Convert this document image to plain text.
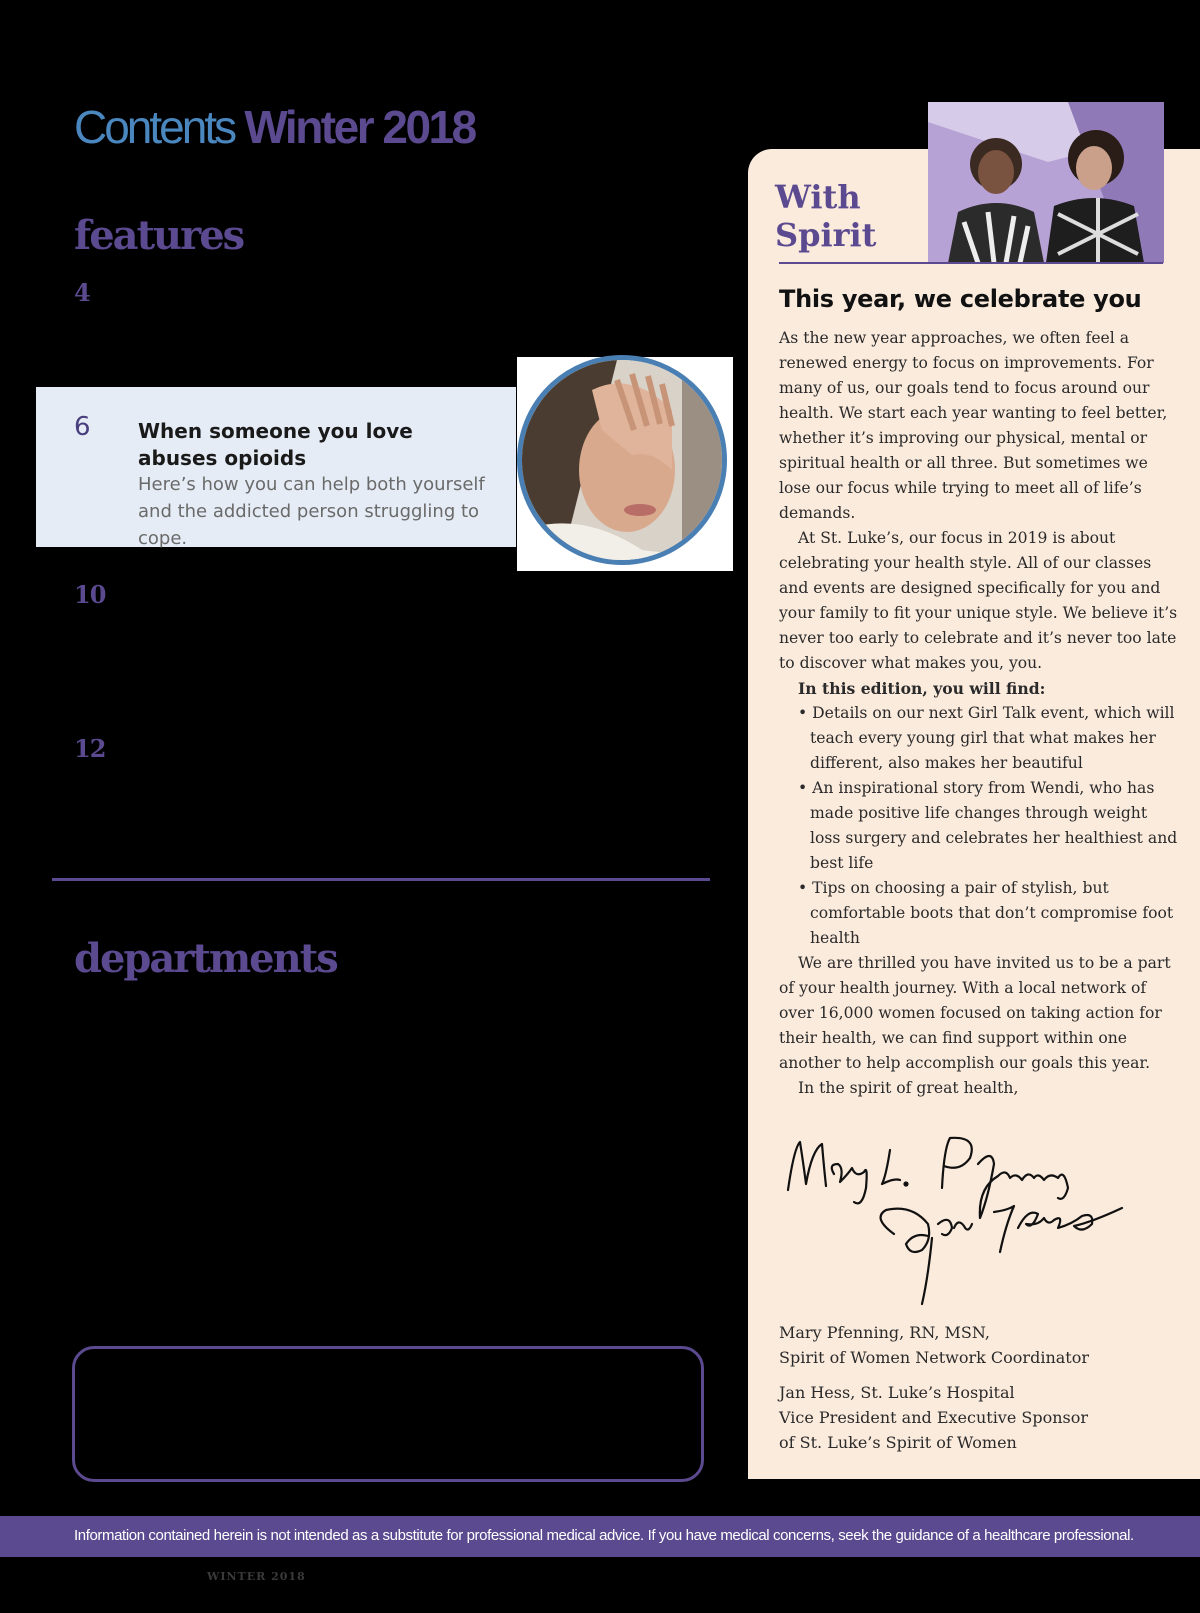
Contents Winter 2018
features
4
6 When someone you love abuses opioids
Here’s how you can help both yourself and the addicted person struggling to cope.
10
12
departments
With Spirit
This year, we celebrate you

As the new year approaches, we often feel a renewed energy to focus on improvements. For many of us, our goals tend to focus around our health. We start each year wanting to feel better, whether it’s improving our physical, mental or spiritual health or all three. But sometimes we lose our focus while trying to meet all of life’s demands.

At St. Luke’s, our focus in 2019 is about celebrating your health style. All of our classes and events are designed specifically for you and your family to fit your unique style. We believe it’s never too early to celebrate and it’s never too late to discover what makes you, you.

In this edition, you will find:

• Details on our next Girl Talk event, which will teach every young girl that what makes her different, also makes her beautiful
• An inspirational story from Wendi, who has made positive life changes through weight loss surgery and celebrates her healthiest and best life
• Tips on choosing a pair of stylish, but comfortable boots that don’t compromise foot health

We are thrilled you have invited us to be a part of your health journey. With a local network of over 16,000 women focused on taking action for their health, we can find support within one another to help accomplish our goals this year.

In the spirit of great health,

Mary Pfenning, RN, MSN,
Spirit of Women Network Coordinator

Jan Hess, St. Luke’s Hospital
Vice President and Executive Sponsor
of St. Luke’s Spirit of Women

Information contained herein is not intended as a substitute for professional medical advice. If you have medical concerns, seek the guidance of a healthcare professional.
WINTER 2018
